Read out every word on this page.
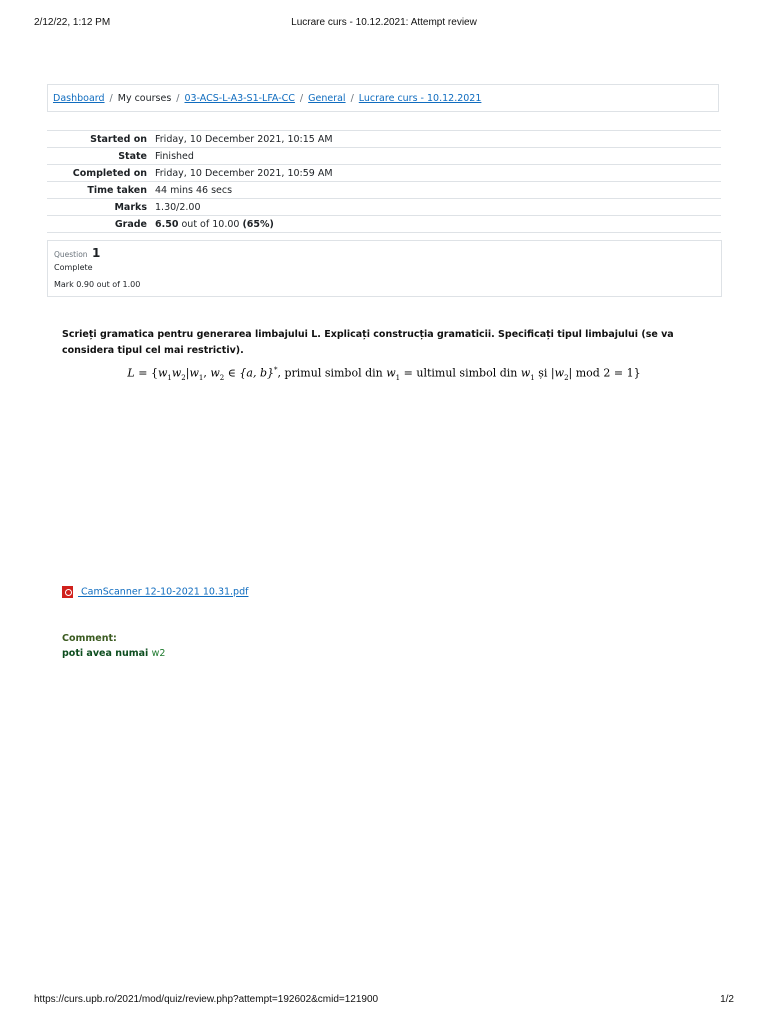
2/12/22, 1:12 PM	Lucrare curs - 10.12.2021: Attempt review
Dashboard / My courses / 03-ACS-L-A3-S1-LFA-CC / General / Lucrare curs - 10.12.2021
Started on	Friday, 10 December 2021, 10:15 AM
State	Finished
Completed on	Friday, 10 December 2021, 10:59 AM
Time taken	44 mins 46 secs
Marks	1.30/2.00
Grade	6.50 out of 10.00 (65%)
Question 1
Complete
Mark 0.90 out of 1.00
Scrieți gramatica pentru generarea limbajului L. Explicați construcția gramaticii. Specificați tipul limbajului (se va considera tipul cel mai restrictiv).
$L = \{w_1w_2|w_1$, $w_2$ ∈ {a, b}*, primul simbol din $w_1$ = ultimul simbol din $w_1$ și $|w_2|$ mod 2 = 1}
CamScanner 12-10-2021 10.31.pdf
Comment:
poti avea numai w2
https://curs.upb.ro/2021/mod/quiz/review.php?attempt=192602&cmid=121900	1/2
